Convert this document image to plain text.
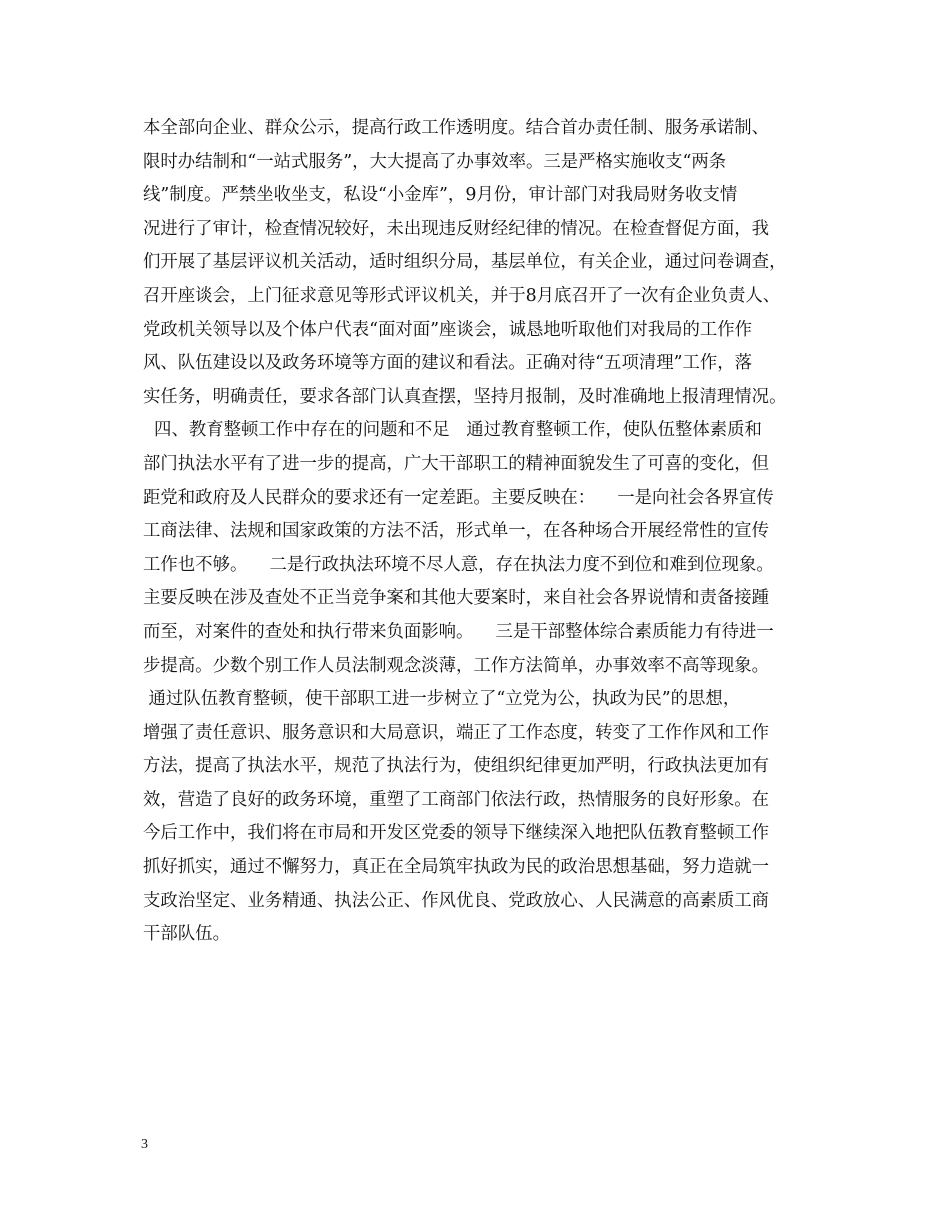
本全部向企业、群众公示，提高行政工作透明度。结合首办责任制、服务承诺制、
限时办结制和“一站式服务”，大大提高了办事效率。三是严格实施收支“两条
线”制度。严禁坐收坐支，私设“小金库”，9月份，审计部门对我局财务收支情
况进行了审计，检查情况较好，未出现违反财经纪律的情况。在检查督促方面，我
们开展了基层评议机关活动，适时组织分局，基层单位，有关企业，通过问卷调查，
召开座谈会，上门征求意见等形式评议机关，并于8月底召开了一次有企业负责人、
党政机关领导以及个体户代表“面对面”座谈会，诚恳地听取他们对我局的工作作
风、队伍建设以及政务环境等方面的建议和看法。正确对待“五项清理”工作，落
实任务，明确责任，要求各部门认真查摆，坚持月报制，及时准确地上报清理情况。
四、教育整顿工作中存在的问题和不足   通过教育整顿工作，使队伍整体素质和
部门执法水平有了进一步的提高，广大干部职工的精神面貌发生了可喜的变化，但
距党和政府及人民群众的要求还有一定差距。主要反映在：    一是向社会各界宣传
工商法律、法规和国家政策的方法不活，形式单一，在各种场合开展经常性的宣传
工作也不够。    二是行政执法环境不尽人意，存在执法力度不到位和难到位现象。
主要反映在涉及查处不正当竞争案和其他大要案时，来自社会各界说情和责备接踵
而至，对案件的查处和执行带来负面影响。    三是干部整体综合素质能力有待进一
步提高。少数个别工作人员法制观念淡薄，工作方法简单，办事效率不高等现象。
通过队伍教育整顿，使干部职工进一步树立了“立党为公，执政为民”的思想，
增强了责任意识、服务意识和大局意识，端正了工作态度，转变了工作作风和工作
方法，提高了执法水平，规范了执法行为，使组织纪律更加严明，行政执法更加有
效，营造了良好的政务环境，重塑了工商部门依法行政，热情服务的良好形象。在
今后工作中，我们将在市局和开发区党委的领导下继续深入地把队伍教育整顿工作
抓好抓实，通过不懈努力，真正在全局筑牢执政为民的政治思想基础，努力造就一
支政治坚定、业务精通、执法公正、作风优良、党政放心、人民满意的高素质工商
干部队伍。
3
